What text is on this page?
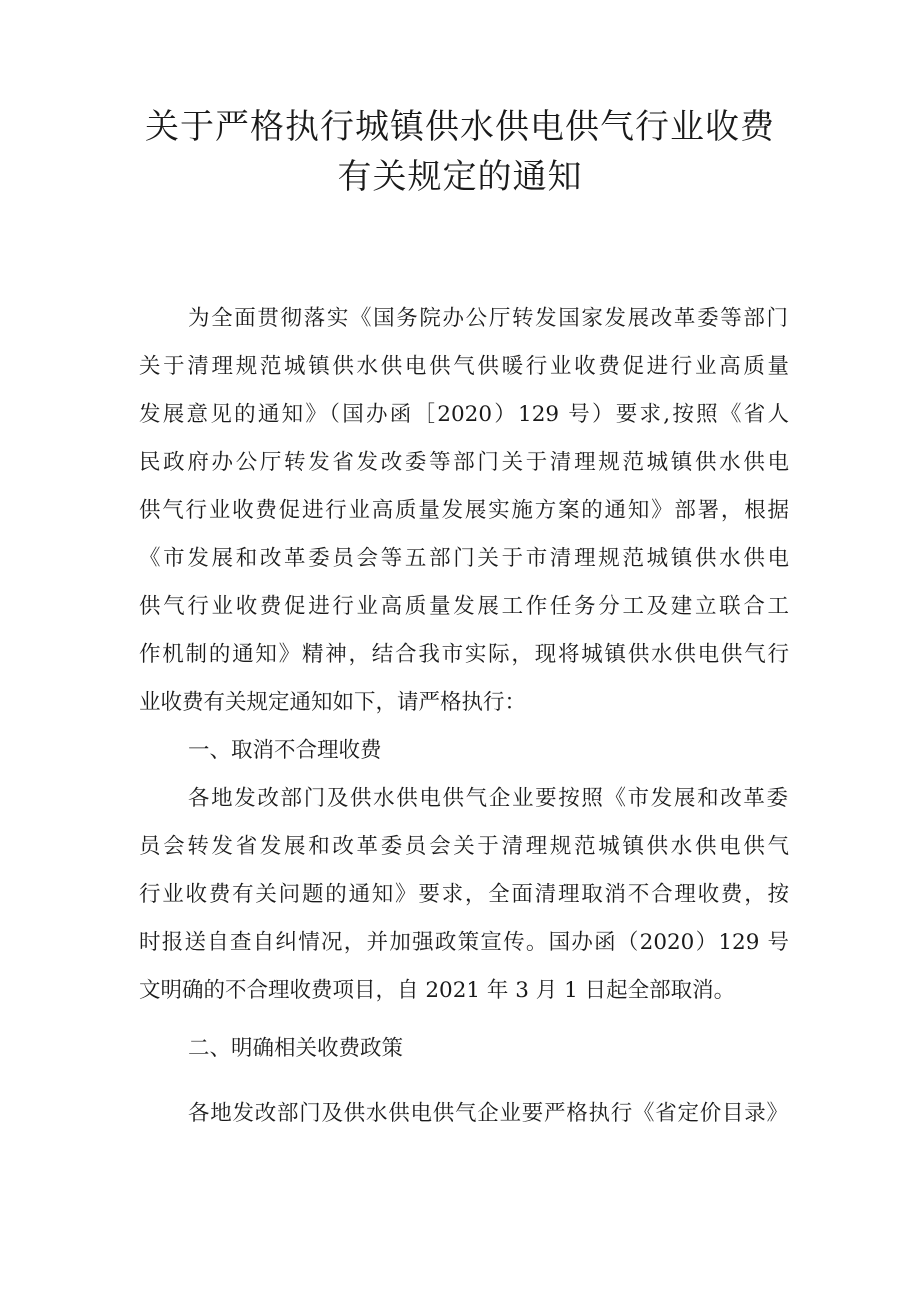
关于严格执行城镇供水供电供气行业收费
有关规定的通知
为全面贯彻落实《国务院办公厅转发国家发展改革委等部门
关于清理规范城镇供水供电供气供暖行业收费促进行业高质量
发展意见的通知》（国办函［2020）129 号）要求,按照《省人
民政府办公厅转发省发改委等部门关于清理规范城镇供水供电
供气行业收费促进行业高质量发展实施方案的通知》部署，根据
《市发展和改革委员会等五部门关于市清理规范城镇供水供电
供气行业收费促进行业高质量发展工作任务分工及建立联合工
作机制的通知》精神，结合我市实际，现将城镇供水供电供气行
业收费有关规定通知如下，请严格执行：
一、取消不合理收费
各地发改部门及供水供电供气企业要按照《市发展和改革委
员会转发省发展和改革委员会关于清理规范城镇供水供电供气
行业收费有关问题的通知》要求，全面清理取消不合理收费，按
时报送自查自纠情况，并加强政策宣传。国办函（2020）129 号
文明确的不合理收费项目，自 2021 年 3 月 1 日起全部取消。
二、明确相关收费政策
各地发改部门及供水供电供气企业要严格执行《省定价目录》
